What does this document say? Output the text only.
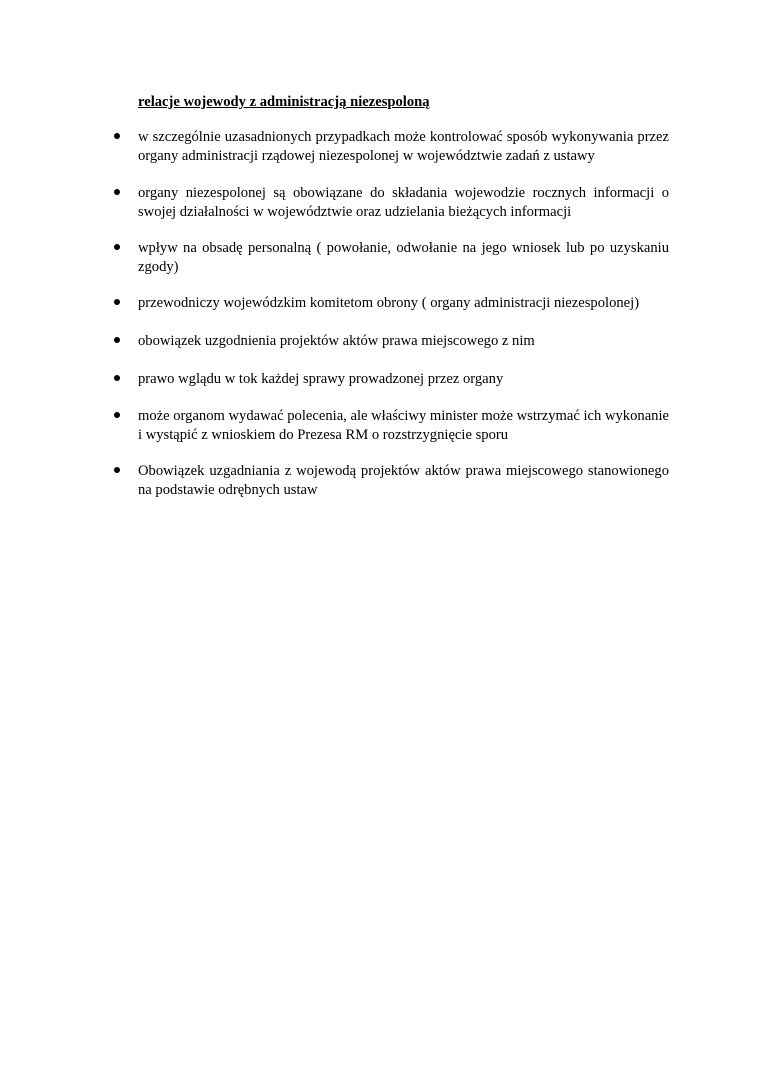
relacje wojewody z administracją niezespoloną
w szczególnie uzasadnionych przypadkach może kontrolować sposób wykonywania przez organy administracji rządowej niezespolonej w województwie zadań z ustawy
organy niezespolonej są obowiązane do składania wojewodzie rocznych informacji o swojej działalności w województwie oraz udzielania bieżących informacji
wpływ na obsadę personalną ( powołanie, odwołanie na jego wniosek lub po uzyskaniu zgody)
przewodniczy wojewódzkim komitetom obrony ( organy administracji niezespolonej)
obowiązek uzgodnienia projektów aktów prawa miejscowego z nim
prawo wglądu w tok każdej sprawy prowadzonej przez organy
może organom wydawać polecenia, ale właściwy minister może wstrzymać ich wykonanie i wystąpić z wnioskiem do Prezesa RM o rozstrzygnięcie sporu
Obowiązek uzgadniania z wojewodą projektów aktów prawa miejscowego stanowionego na podstawie odrębnych ustaw
